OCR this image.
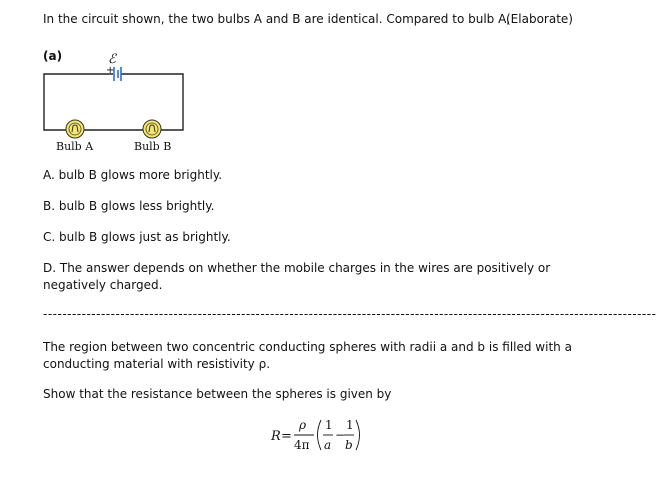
In the circuit shown, the two bulbs A and B are identical. Compared to bulb A,
(Elaborate)
(a)	ℰ
+
Bulb A	Bulb B
A. bulb B glows more brightly.
B. bulb B glows less brightly.
C. bulb B glows just as brightly.
D. The answer depends on whether the mobile charges in the wires are positively or negatively charged.
-------------------------------------------------------------------------------------------------------------------------------
The region between two concentric conducting spheres with radii a and b is filled with a conducting material with resistivity ρ.
Show that the resistance between the spheres is given by
R =
ρ
4π
1
a
−
1
b
